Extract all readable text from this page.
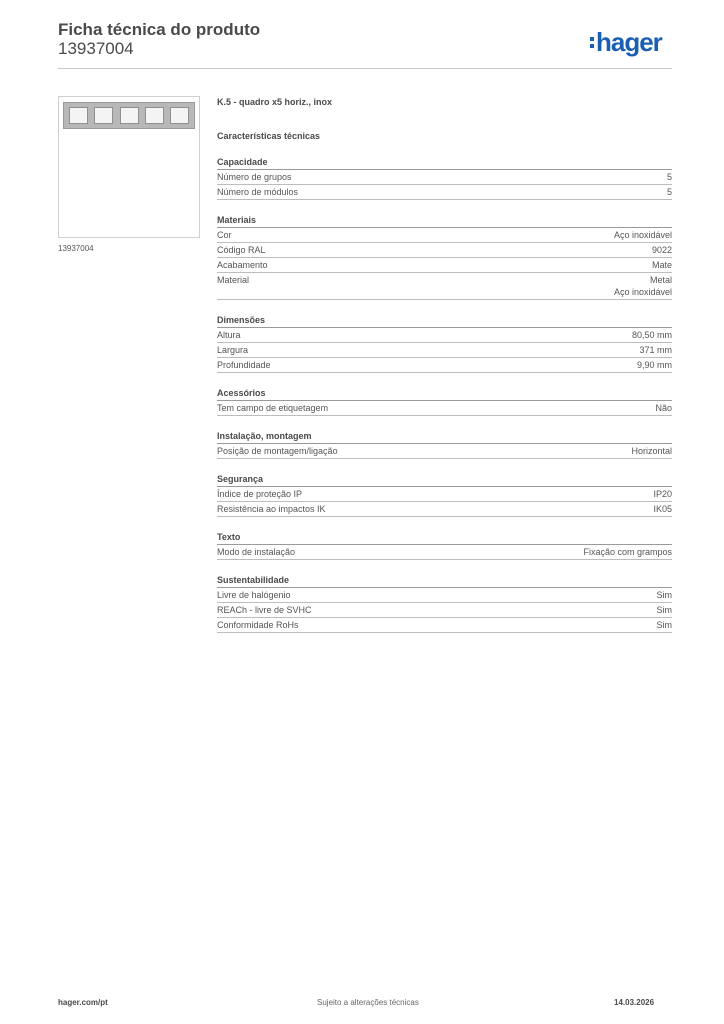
Ficha técnica do produto
13937004	hager
13937004
K.5 - quadro x5 horiz., inox
Características técnicas
Capacidade
Número de grupos	5
Número de módulos	5
Materiais
Cor	Aço inoxidável
Código RAL	9022
Acabamento	Mate
Material	Metal
Aço inoxidável
Dimensões
Altura	80,50 mm
Largura	371 mm
Profundidade	9,90 mm
Acessórios
Tem campo de etiquetagem	Não
Instalação, montagem
Posição de montagem/ligação	Horizontal
Segurança
Índice de proteção IP	IP20
Resistência ao impactos IK	IK05
Texto
Modo de instalação	Fixação com grampos
Sustentabilidade
Livre de halógenio	Sim
REACh - livre de SVHC	Sim
Conformidade RoHs	Sim
hager.com/pt	Sujeito a alterações técnicas	14.03.2026
